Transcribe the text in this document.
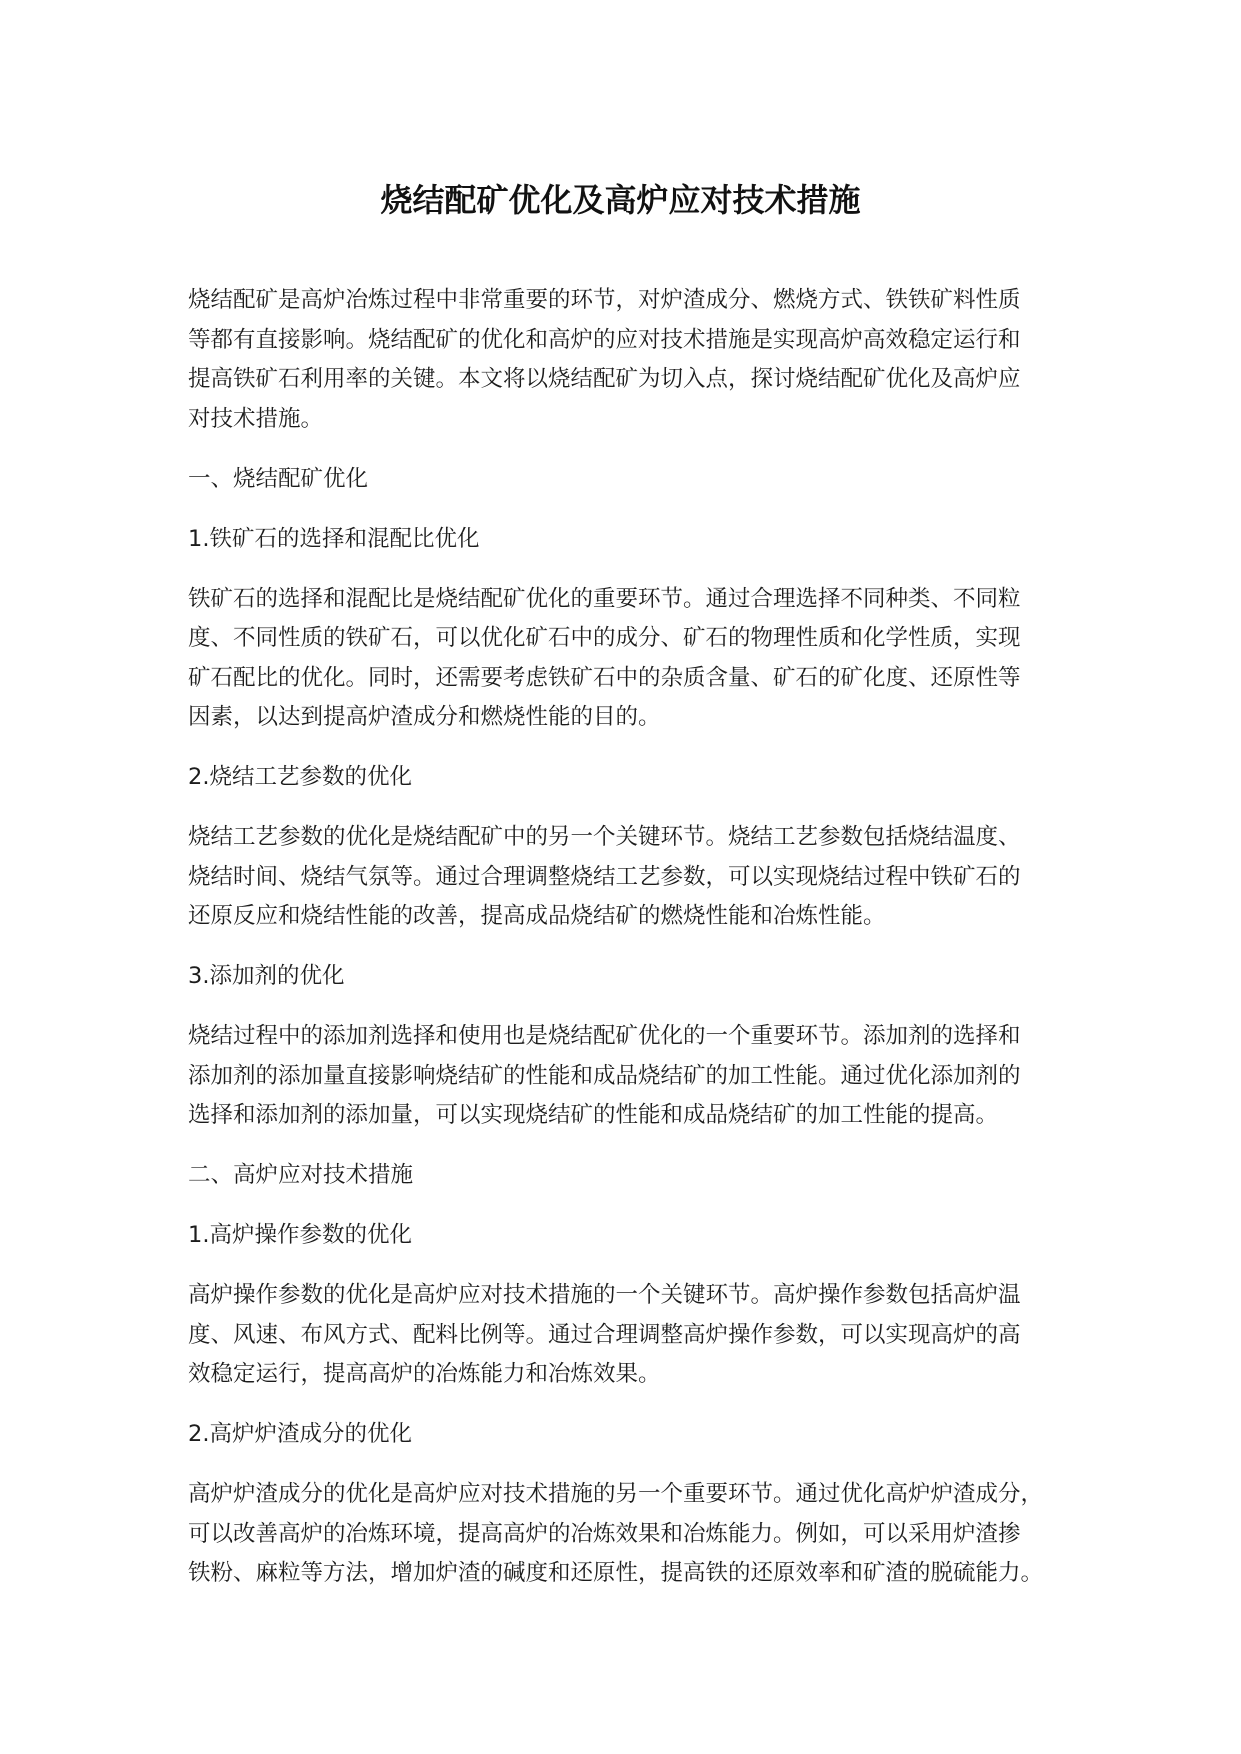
烧结配矿优化及高炉应对技术措施
烧结配矿是高炉冶炼过程中非常重要的环节，对炉渣成分、燃烧方式、铁铁矿料性质
等都有直接影响。烧结配矿的优化和高炉的应对技术措施是实现高炉高效稳定运行和
提高铁矿石利用率的关键。本文将以烧结配矿为切入点，探讨烧结配矿优化及高炉应
对技术措施。
一、烧结配矿优化
1.铁矿石的选择和混配比优化
铁矿石的选择和混配比是烧结配矿优化的重要环节。通过合理选择不同种类、不同粒
度、不同性质的铁矿石，可以优化矿石中的成分、矿石的物理性质和化学性质，实现
矿石配比的优化。同时，还需要考虑铁矿石中的杂质含量、矿石的矿化度、还原性等
因素，以达到提高炉渣成分和燃烧性能的目的。
2.烧结工艺参数的优化
烧结工艺参数的优化是烧结配矿中的另一个关键环节。烧结工艺参数包括烧结温度、
烧结时间、烧结气氛等。通过合理调整烧结工艺参数，可以实现烧结过程中铁矿石的
还原反应和烧结性能的改善，提高成品烧结矿的燃烧性能和冶炼性能。
3.添加剂的优化
烧结过程中的添加剂选择和使用也是烧结配矿优化的一个重要环节。添加剂的选择和
添加剂的添加量直接影响烧结矿的性能和成品烧结矿的加工性能。通过优化添加剂的
选择和添加剂的添加量，可以实现烧结矿的性能和成品烧结矿的加工性能的提高。
二、高炉应对技术措施
1.高炉操作参数的优化
高炉操作参数的优化是高炉应对技术措施的一个关键环节。高炉操作参数包括高炉温
度、风速、布风方式、配料比例等。通过合理调整高炉操作参数，可以实现高炉的高
效稳定运行，提高高炉的冶炼能力和冶炼效果。
2.高炉炉渣成分的优化
高炉炉渣成分的优化是高炉应对技术措施的另一个重要环节。通过优化高炉炉渣成分，
可以改善高炉的冶炼环境，提高高炉的冶炼效果和冶炼能力。例如，可以采用炉渣掺
铁粉、麻粒等方法，增加炉渣的碱度和还原性，提高铁的还原效率和矿渣的脱硫能力。
